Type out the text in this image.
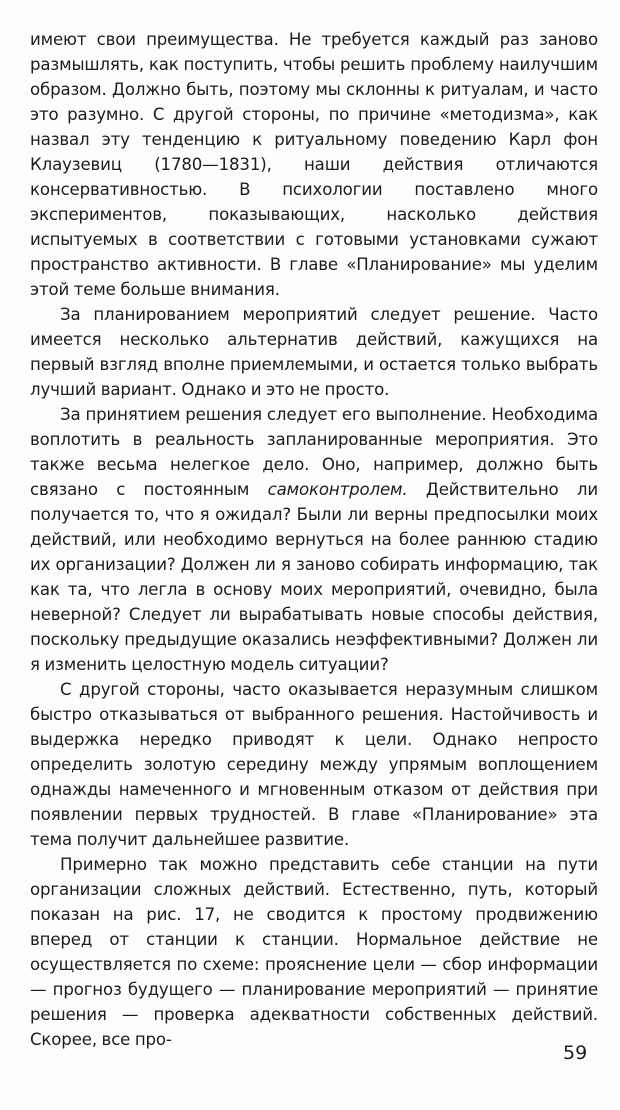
имеют свои преимущества. Не требуется каждый раз заново размышлять, как поступить, чтобы решить проблему наилучшим образом. Должно быть, поэтому мы склонны к ритуалам, и часто это разумно. С другой стороны, по причине «методизма», как назвал эту тенденцию к ритуальному поведению Карл фон Клаузевиц (1780—1831), наши действия отличаются консервативностью. В психологии поставлено много экспериментов, показывающих, насколько действия испытуемых в соответствии с готовыми установками сужают пространство активности. В главе «Планирование» мы уделим этой теме больше внимания.

За планированием мероприятий следует решение. Часто имеется несколько альтернатив действий, кажущихся на первый взгляд вполне приемлемыми, и остается только выбрать лучший вариант. Однако и это не просто.

За принятием решения следует его выполнение. Необходима воплотить в реальность запланированные мероприятия. Это также весьма нелегкое дело. Оно, например, должно быть связано с постоянным самоконтролем. Действительно ли получается то, что я ожидал? Были ли верны предпосылки моих действий, или необходимо вернуться на более раннюю стадию их организации? Должен ли я заново собирать информацию, так как та, что легла в основу моих мероприятий, очевидно, была неверной? Следует ли вырабатывать новые способы действия, поскольку предыдущие оказались неэффективными? Должен ли я изменить целостную модель ситуации?

С другой стороны, часто оказывается неразумным слишком быстро отказываться от выбранного решения. Настойчивость и выдержка нередко приводят к цели. Однако непросто определить золотую середину между упрямым воплощением однажды намеченного и мгновенным отказом от действия при появлении первых трудностей. В главе «Планирование» эта тема получит дальнейшее развитие.

Примерно так можно представить себе станции на пути организации сложных действий. Естественно, путь, который показан на рис. 17, не сводится к простому продвижению вперед от станции к станции. Нормальное действие не осуществляется по схеме: прояснение цели — сбор информации — прогноз будущего — планирование мероприятий — принятие решения — проверка адекватности собственных действий. Скорее, все про-

59
